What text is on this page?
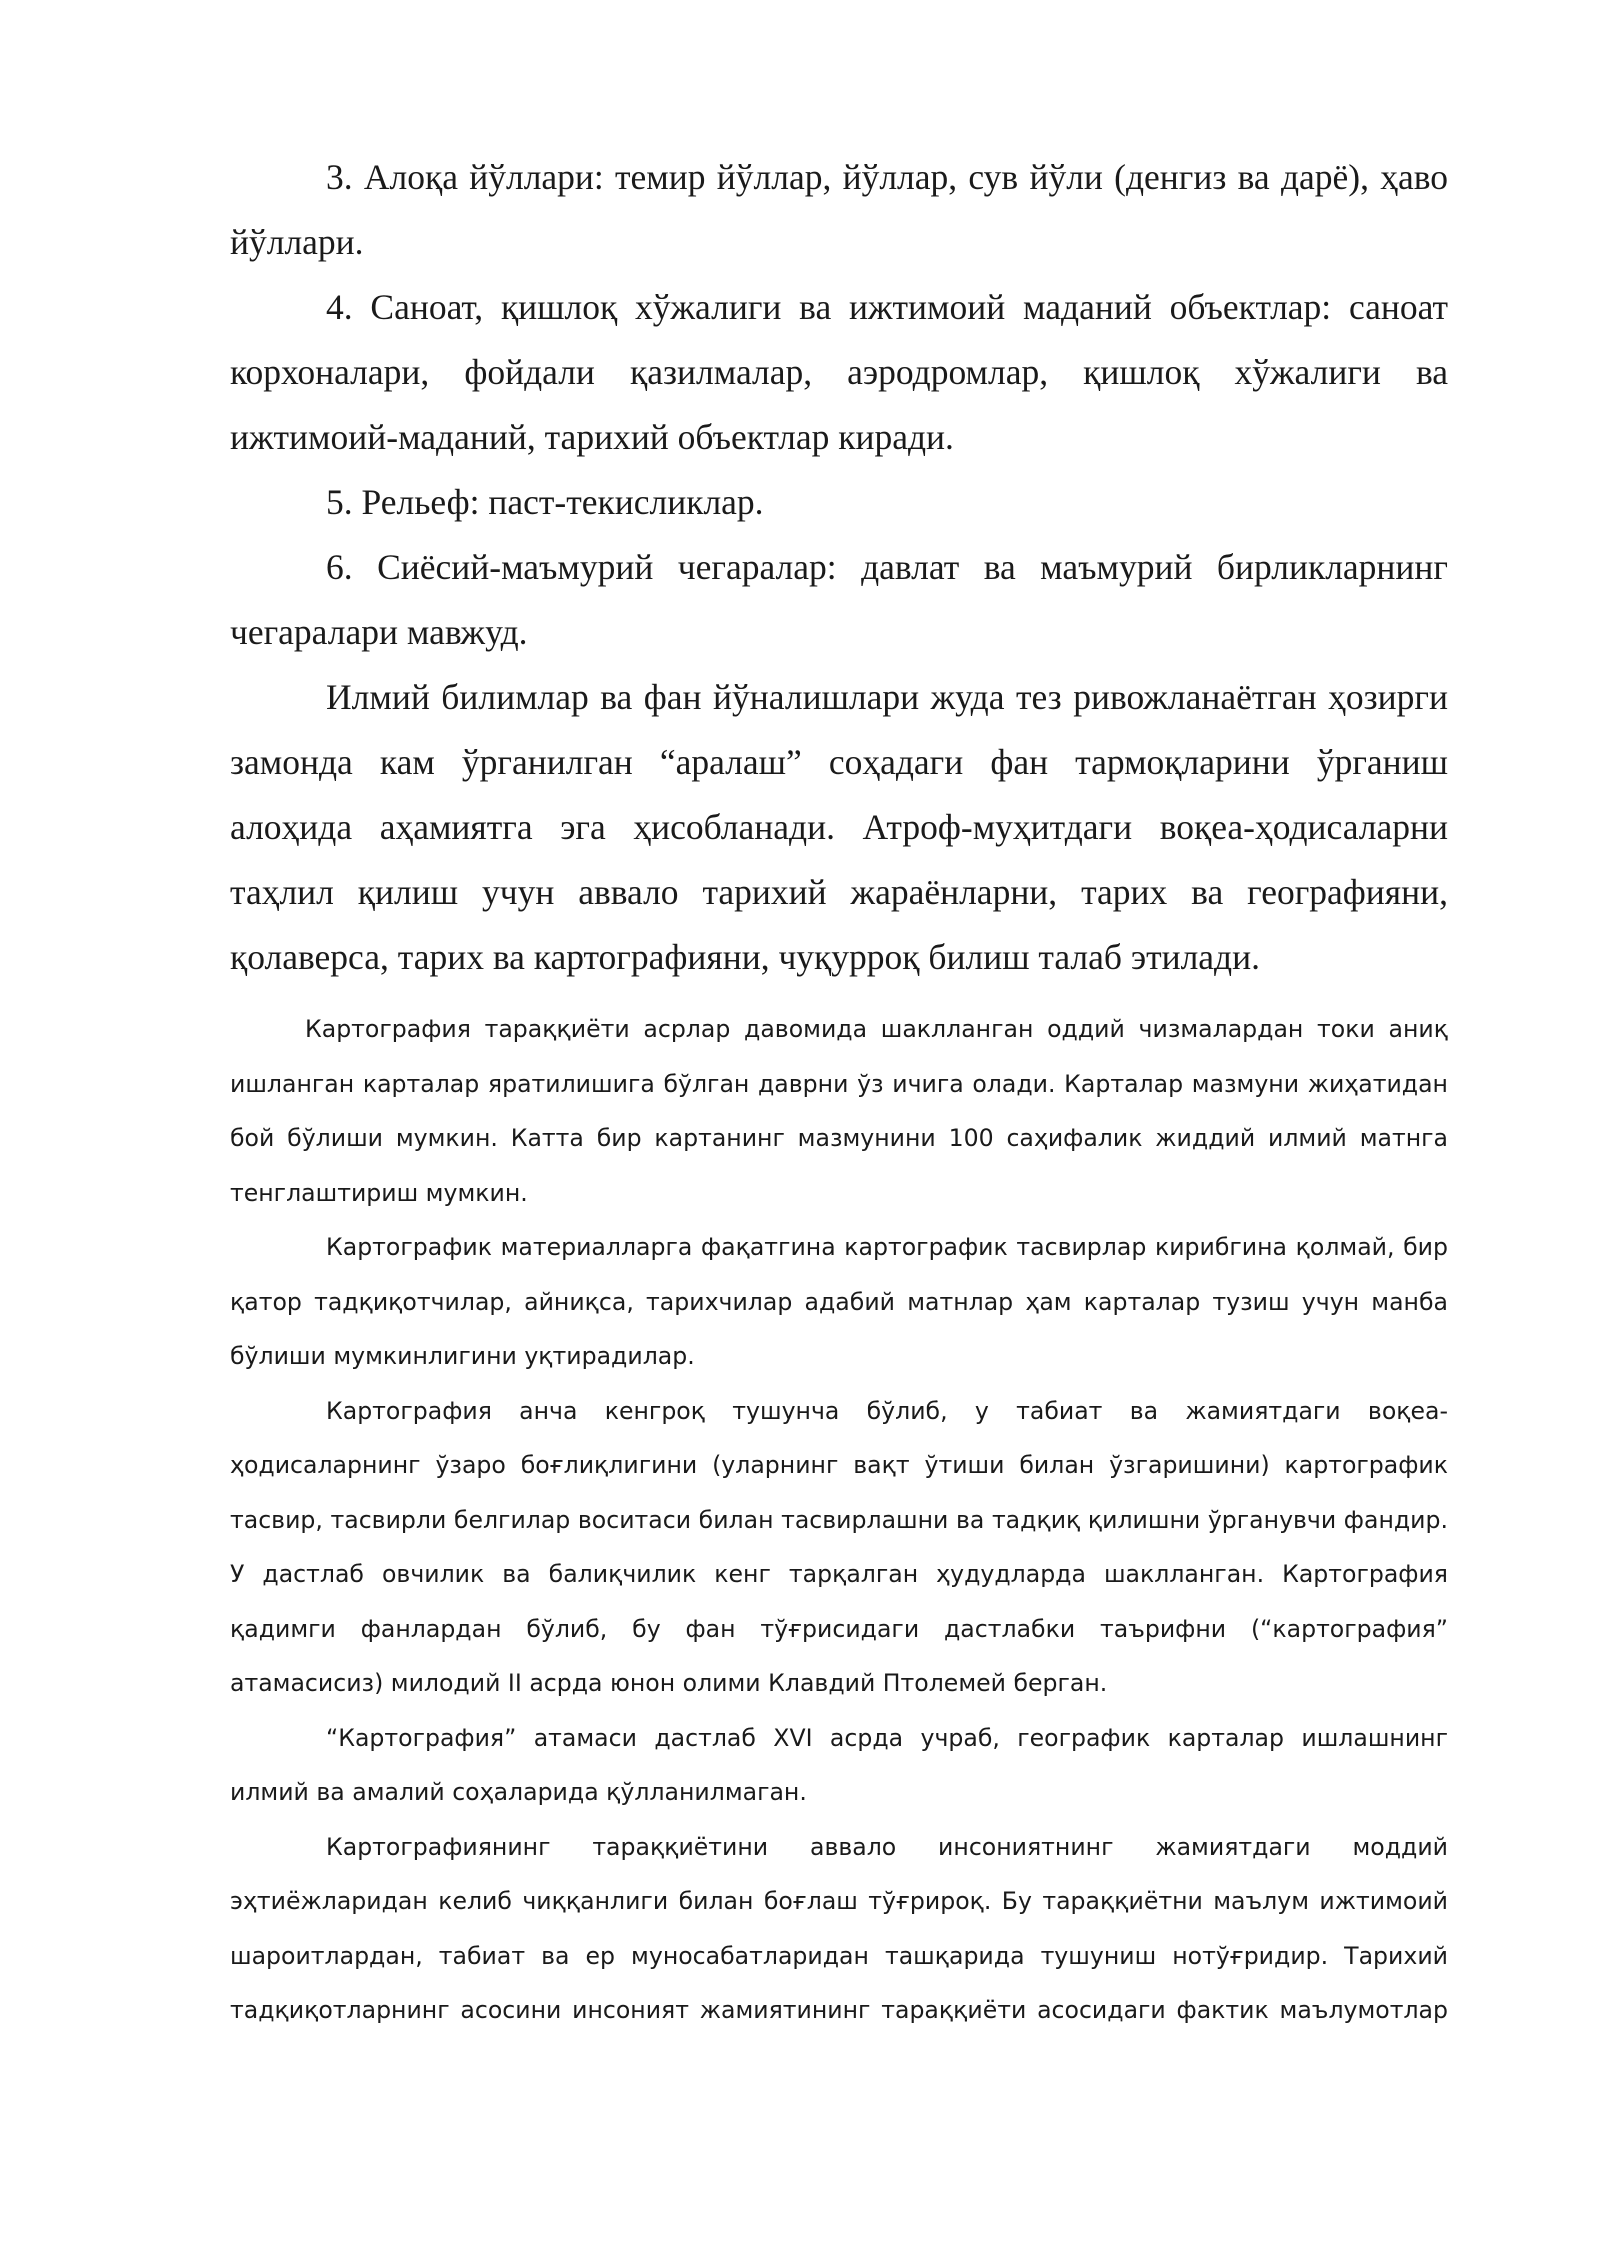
3. Алоқа йўллари: темир йўллар, йўллар, сув йўли (денгиз ва дарё), ҳаво йўллари.

4. Саноат, қишлоқ хўжалиги ва ижтимоий маданий объектлар: саноат корхоналари, фойдали қазилмалар, аэродромлар, қишлоқ хўжалиги ва ижтимоий-маданий, тарихий объектлар киради.

5. Рельеф: паст-текисликлар.

6. Сиёсий-маъмурий чегаралар: давлат ва маъмурий бирликларнинг чегаралари мавжуд.

Илмий билимлар ва фан йўналишлари жуда тез ривожланаётган ҳозирги замонда кам ўрганилган “аралаш” соҳадаги фан тармоқларини ўрганиш алоҳида аҳамиятга эга ҳисобланади. Атроф-муҳитдаги воқеа-ҳодисаларни таҳлил қилиш учун аввало тарихий жараёнларни, тарих ва географияни, қолаверса, тарих ва картографияни, чуқурроқ билиш талаб этилади.

Картография тараққиёти асрлар давомида шаклланган оддий чизмалардан токи аниқ ишланган карталар яратилишига бўлган даврни ўз ичига олади. Карталар мазмуни жиҳатидан бой бўлиши мумкин. Катта бир картанинг мазмунини 100 саҳифалик жиддий илмий матнга тенглаштириш мумкин.

Картографик материалларга фақатгина картографик тасвирлар кирибгина қолмай, бир қатор тадқиқотчилар, айниқса, тарихчилар адабий матнлар ҳам карталар тузиш учун манба бўлиши мумкинлигини уқтирадилар.

Картография анча кенгроқ тушунча бўлиб, у табиат ва жамиятдаги воқеа-ҳодисаларнинг ўзаро боғлиқлигини (уларнинг вақт ўтиши билан ўзгаришини) картографик тасвир, тасвирли белгилар воситаси билан тасвирлашни ва тадқиқ қилишни ўрганувчи фандир. У дастлаб овчилик ва балиқчилик кенг тарқалган ҳудудларда шаклланган. Картография қадимги фанлардан бўлиб, бу фан тўғрисидаги дастлабки таърифни (“картография” атамасисиз) милодий II асрда юнон олими Клавдий Птолемей берган.

“Картография” атамаси дастлаб XVI асрда учраб, географик карталар ишлашнинг илмий ва амалий соҳаларида қўлланилмаган.

Картографиянинг тараққиётини аввало инсониятнинг жамиятдаги моддий эҳтиёжларидан келиб чиққанлиги билан боғлаш тўғрироқ. Бу тараққиётни маълум ижтимоий шароитлардан, табиат ва ер муносабатларидан ташқарида тушуниш нотўғридир. Тарихий тадқиқотларнинг асосини инсоният жамиятининг тараққиёти асосидаги фактик маълумотлар
